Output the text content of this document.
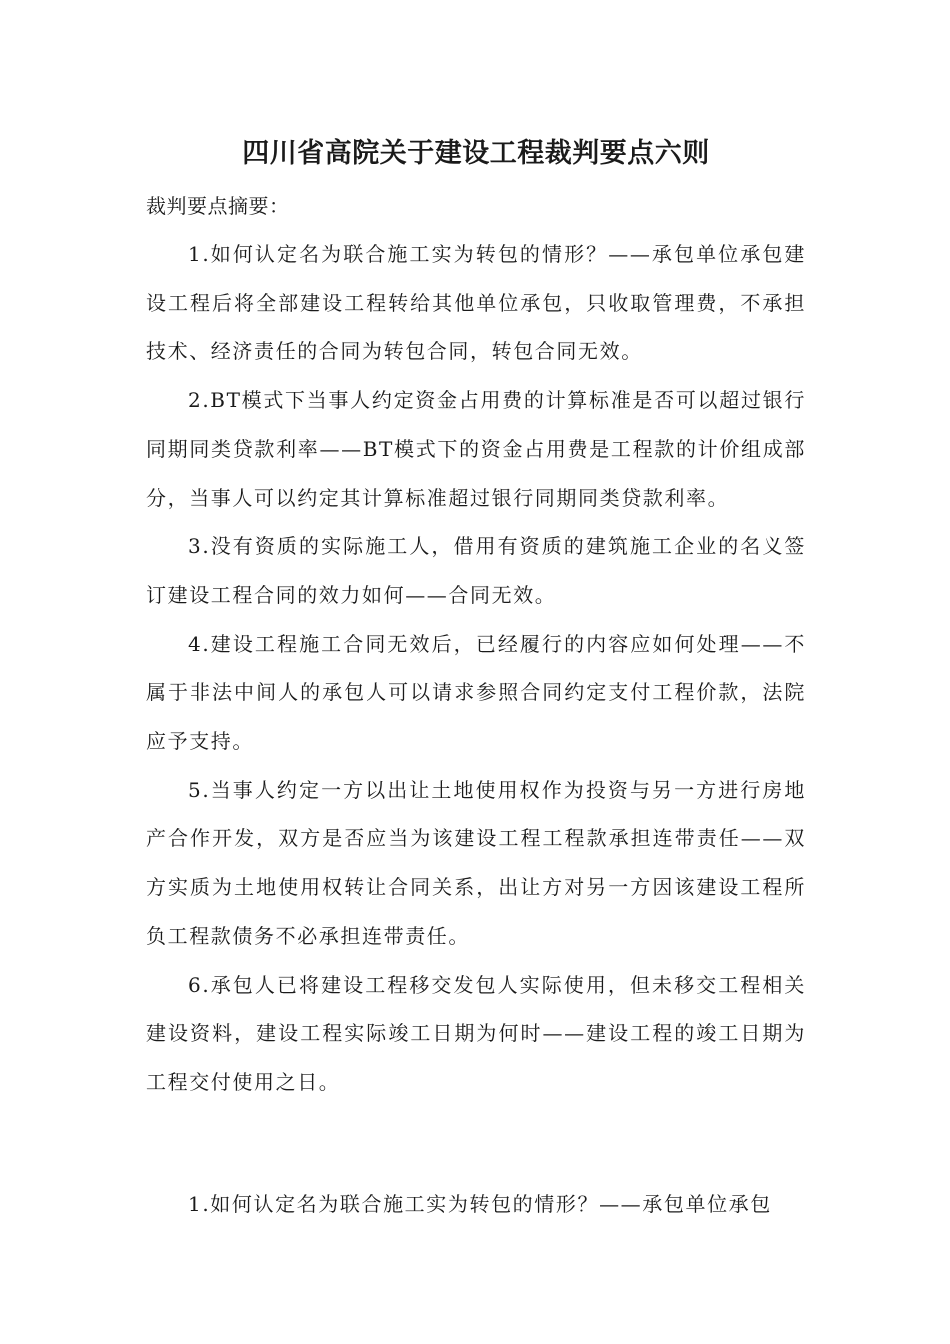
四川省高院关于建设工程裁判要点六则

裁判要点摘要：

1.如何认定名为联合施工实为转包的情形？——承包单位承包建设工程后将全部建设工程转给其他单位承包，只收取管理费，不承担技术、经济责任的合同为转包合同，转包合同无效。

2.BT模式下当事人约定资金占用费的计算标准是否可以超过银行同期同类贷款利率——BT模式下的资金占用费是工程款的计价组成部分，当事人可以约定其计算标准超过银行同期同类贷款利率。

3.没有资质的实际施工人，借用有资质的建筑施工企业的名义签订建设工程合同的效力如何——合同无效。

4.建设工程施工合同无效后，已经履行的内容应如何处理——不属于非法中间人的承包人可以请求参照合同约定支付工程价款，法院应予支持。

5.当事人约定一方以出让土地使用权作为投资与另一方进行房地产合作开发，双方是否应当为该建设工程工程款承担连带责任——双方实质为土地使用权转让合同关系，出让方对另一方因该建设工程所负工程款债务不必承担连带责任。

6.承包人已将建设工程移交发包人实际使用，但未移交工程相关建设资料，建设工程实际竣工日期为何时——建设工程的竣工日期为工程交付使用之日。

1.如何认定名为联合施工实为转包的情形？——承包单位承包
